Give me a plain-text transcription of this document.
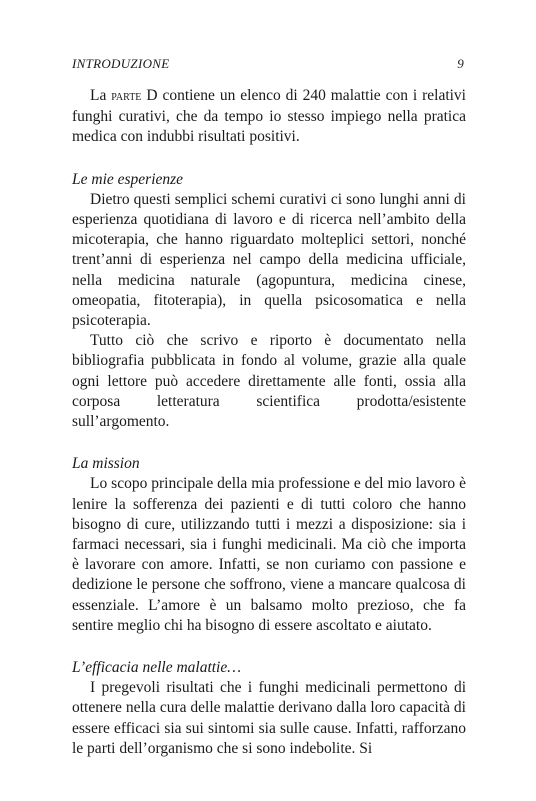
INTRODUZIONE	9

La parte D contiene un elenco di 240 malattie con i relativi funghi curativi, che da tempo io stesso impiego nella pratica medica con indubbi risultati positivi.

Le mie esperienze

Dietro questi semplici schemi curativi ci sono lunghi anni di esperienza quotidiana di lavoro e di ricerca nell’ambito della micoterapia, che hanno riguardato molteplici settori, nonché trent’anni di esperienza nel campo della medicina ufficiale, nella medicina naturale (agopuntura, medicina cinese, omeopatia, fitoterapia), in quella psicosomatica e nella psicoterapia.

Tutto ciò che scrivo e riporto è documentato nella bibliografia pubblicata in fondo al volume, grazie alla quale ogni lettore può accedere direttamente alle fonti, ossia alla corposa letteratura scientifica prodotta/esistente sull’argomento.

La mission

Lo scopo principale della mia professione e del mio lavoro è lenire la sofferenza dei pazienti e di tutti coloro che hanno bisogno di cure, utilizzando tutti i mezzi a disposizione: sia i farmaci necessari, sia i funghi medicinali. Ma ciò che importa è lavorare con amore. Infatti, se non curiamo con passione e dedizione le persone che soffrono, viene a mancare qualcosa di essenziale. L’amore è un balsamo molto prezioso, che fa sentire meglio chi ha bisogno di essere ascoltato e aiutato.

L’efficacia nelle malattie…

I pregevoli risultati che i funghi medicinali permettono di ottenere nella cura delle malattie derivano dalla loro capacità di essere efficaci sia sui sintomi sia sulle cause. Infatti, rafforzano le parti dell’organismo che si sono indebolite. Si
